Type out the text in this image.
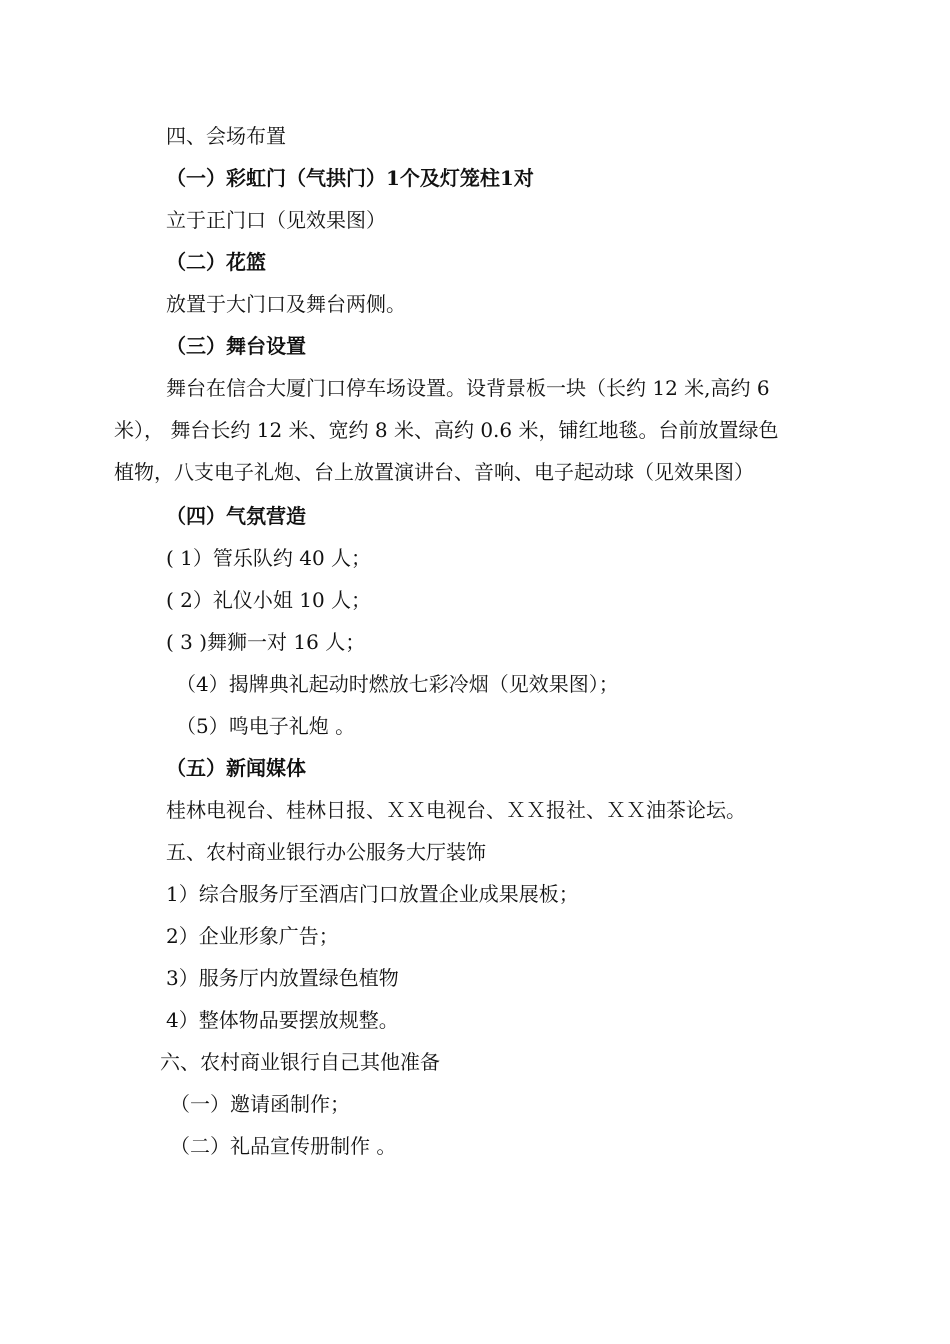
四、会场布置
（一）彩虹门（气拱门）1个及灯笼柱1对
立于正门口（见效果图）
（二）花篮
放置于大门口及舞台两侧。
（三）舞台设置
舞台在信合大厦门口停车场设置。设背景板一块（长约 12 米,高约 6
米）， 舞台长约 12 米、宽约 8 米、高约 0.6 米，铺红地毯。台前放置绿色
植物，八支电子礼炮、台上放置演讲台、音响、电子起动球（见效果图）
（四）气氛营造
( 1）管乐队约 40 人；
( 2）礼仪小姐 10 人；
( 3 )舞狮一对 16 人；
（4）揭牌典礼起动时燃放七彩冷烟（见效果图）；
（5）鸣电子礼炮 。
（五）新闻媒体
桂林电视台、桂林日报、ＸＸ电视台、ＸＸ报社、ＸＸ油茶论坛。
五、农村商业银行办公服务大厅装饰
1）综合服务厅至酒店门口放置企业成果展板；
2）企业形象广告；
3）服务厅内放置绿色植物
4）整体物品要摆放规整。
六、农村商业银行自己其他准备
（一）邀请函制作；
（二）礼品宣传册制作 。
